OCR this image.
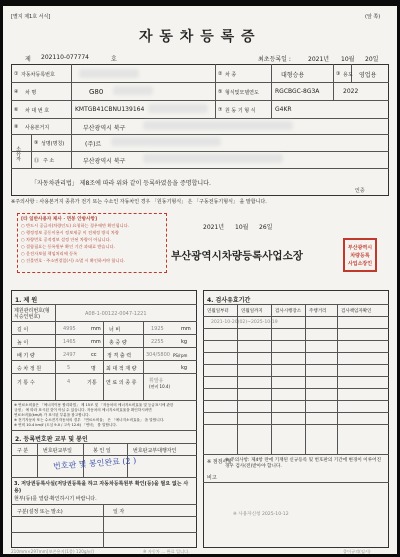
[별지 제1호 서식]	(앞 쪽)
자 동 차 등 록 증
제 202110-077774	호	최초등록일 :	2021년 10월 20일
① 자동차등록번호	② 차 종	대형승용	③ 용도 영업용
④ 차 명	G80	⑤ 형식및모델연도	RGCBGC-8G3A	2022
⑥ 차 대 번 호	KMTGB41CBNU139164	⑦ 원 동 기 형 식	G4KR
⑧ 사용본거지	부산광역시 북구
소유자
⑨ 성명(명칭)	(주)르
⑪ 주 소	부산광역시 북구
「자동차관리법」 제8조에 따라 위와 같이 등록하였음을 증명합니다.
인증
※주의사항 : 사용본거지 종류가 전기 또는 수소인 자동차인 경우 「원동기형식」 은 「구동전동기형식」 을 말합니다.
[타 일반사용자 제사 · 면봉 안방사항]
○ 반드시 공급자(차량인도) 요청하는 경우에만 확인됩니다.
○ 행정정보 공동이용시 정보제공 이 전제정 방식 차량
○ 차량번호 공적정보 설정 안된 차량이 아닙니다.
○ 결함필요는 등록원부 확인 기간 과태료 받습니다.
○ 운전자보험 책임처리에 등록
○ 건물번호 · 주소변경일(시) 소멸 시 확인하셔야 합니다.
2021년 10월 26일
부산광역시차량등록사업소장
부산광역시
차량등록
사업소장인
1. 제 원
제원관리번호(형식승인번호)	A08-1-00122-0047-1221
길 이	4995	mm 너 비	1925	mm
높 이	1465	mm 총 중 량	2255	kg
배 기 량	2497	cc 정 격 출 력	304/5800 PS/rpm
승 차 정 원	5	명 최 대 적 재 량	kg
기 통 수	4	기통 연 료 의 종 류 휘발유
(연비 10.4)
※ 연료소비율은 「에너지이용 합리화법」 제 15조 및 「자동차의 에너지소비효율 및 등급표시에 관한
규정」 에 따라 표시된 것이 아닐 수 있습니다. 자동차의 에너지소비효율을 확인하시려면
연료소비율(km/ℓ) 가 표시된 부분을 참고합니다.
※ 전기자동차 또는 수소전기자동차의 경우 「연료소비율」 은 「에너지소비효율」 을 말합니다.
※ 연비 10.4 km/ℓ (도심 9.0 / 고속 12.6) 「연비」 를 말합니다.
2. 등록번호판 교부 및 봉인
구 분	번호판교부일	봉 인 일	번호판교부대행자인
번호판 및 봉인완료 (2 )
3. 저당권등록사실(저당권등록을 하고 자동차등록원부 확인(등)을 필요 없는 사용)
현부(등)를 열람·확인하시기 바랍니다.
구분(설정 또는 말소)	일 자
4. 검사유효기간
연월일부터	연월일까지	검사시행장소 주행거리	검사책임자확인
2021-10-20(02)~2025-10-19
※ 점검사항
※ 주의사항: 제4항 란에 기재된 신규등록 및 번호판의 기간에 변경이 이루어진 경우 검사(전)받아야 합니다.
비고
※ 사용자신청 2025-10-12
210mm×297mm[보존용지(1종) 120g/㎡]	※ 자동차 ... 완료 입니다.	종이규격(임시)
